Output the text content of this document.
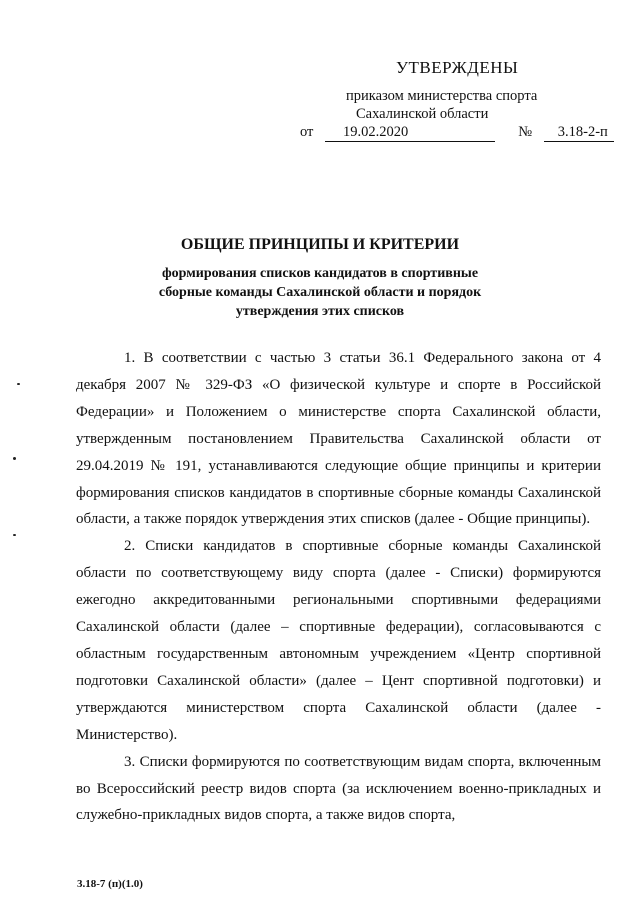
УТВЕРЖДЕНЫ
приказом министерства спорта
Сахалинской области
от 19.02.2020	№ 3.18-2-п
ОБЩИЕ ПРИНЦИПЫ И КРИТЕРИИ
формирования списков кандидатов в спортивные
сборные команды Сахалинской области и порядок
утверждения этих списков

1. В соответствии с частью 3 статьи 36.1 Федерального закона от 4 декабря 2007 № 329-ФЗ «О физической культуре и спорте в Российской Федерации» и Положением о министерстве спорта Сахалинской области, утвержденным постановлением Правительства Сахалинской области от 29.04.2019 № 191, устанавливаются следующие общие принципы и критерии формирования списков кандидатов в спортивные сборные команды Сахалинской области, а также порядок утверждения этих списков (далее - Общие принципы).

2. Списки кандидатов в спортивные сборные команды Сахалинской области по соответствующему виду спорта (далее - Списки) формируются ежегодно аккредитованными региональными спортивными федерациями Сахалинской области (далее – спортивные федерации), согласовываются с областным государственным автономным учреждением «Центр спортивной подготовки Сахалинской области» (далее – Цент спортивной подготовки) и утверждаются министерством спорта Сахалинской области (далее - Министерство).

3. Списки формируются по соответствующим видам спорта, включенным во Всероссийский реестр видов спорта (за исключением военно-прикладных и служебно-прикладных видов спорта, а также видов спорта,

3.18-7 (п)(1.0)
